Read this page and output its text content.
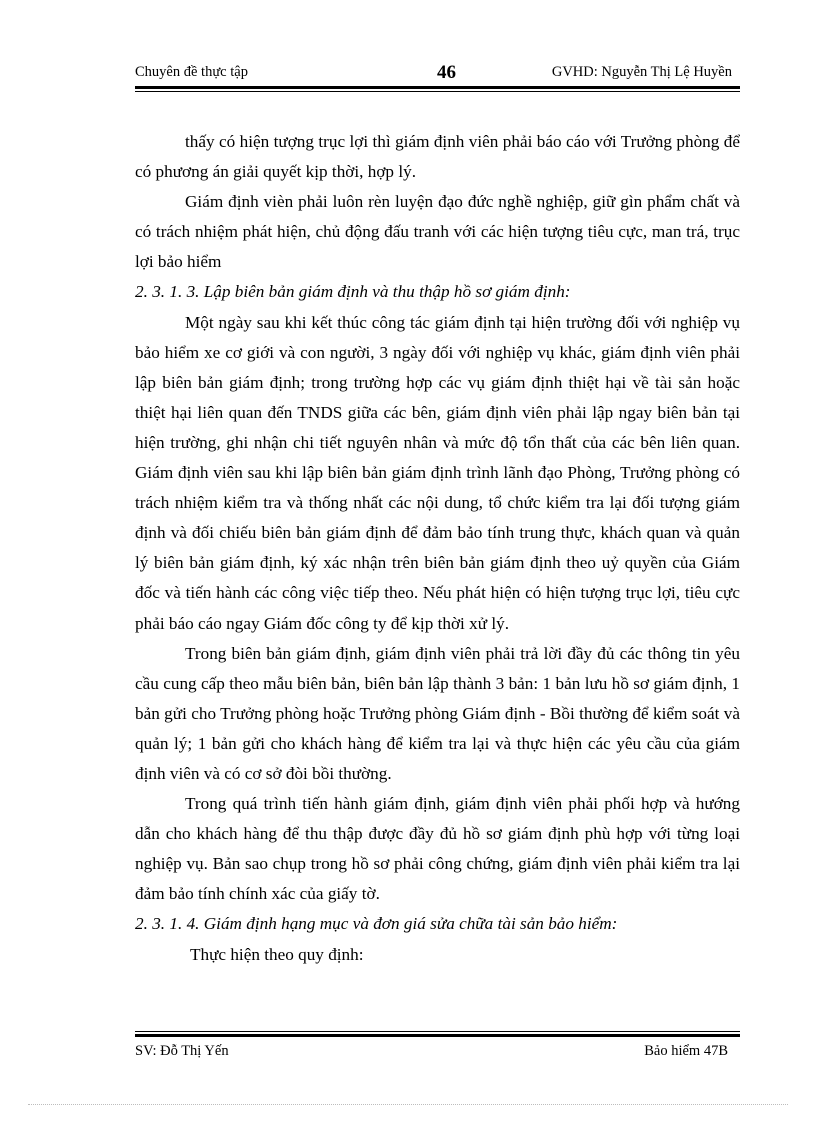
Chuyên đề thực tập	46	GVHD: Nguyễn Thị Lệ Huyền

thấy có hiện tượng trục lợi thì giám định viên phải báo cáo với Trưởng phòng để có phương án giải quyết kịp thời, hợp lý.

Giám định vièn phải luôn rèn luyện đạo đức nghề nghiệp, giữ gìn phẩm chất và có trách nhiệm phát hiện, chủ động đấu tranh với các hiện tượng tiêu cực, man trá, trục lợi bảo hiểm

2. 3. 1. 3. Lập biên bản giám định và thu thập hồ sơ giám định:

Một ngày sau khi kết thúc công tác giám định tại hiện trường đối với nghiệp vụ bảo hiểm xe cơ giới và con người, 3 ngày đối với nghiệp vụ khác, giám định viên phải lập biên bản giám định; trong trường hợp các vụ giám định thiệt hại về tài sản hoặc thiệt hại liên quan đến TNDS giữa các bên, giám định viên phải lập ngay biên bản tại hiện trường, ghi nhận chi tiết nguyên nhân và mức độ tổn thất của các bên liên quan. Giám định viên sau khi lập biên bản giám định trình lãnh đạo Phòng, Trưởng phòng có trách nhiệm kiểm tra và thống nhất các nội dung, tổ chức kiểm tra lại đối tượng giám định và đối chiếu biên bản giám định để đảm bảo tính trung thực, khách quan và quản lý biên bản giám định, ký xác nhận trên biên bản giám định theo uỷ quyền của Giám đốc và tiến hành các công việc tiếp theo. Nếu phát hiện có hiện tượng trục lợi, tiêu cực phải báo cáo ngay Giám đốc công ty để kịp thời xử lý.

Trong biên bản giám định, giám định viên phải trả lời đầy đủ các thông tin yêu cầu cung cấp theo mẫu biên bản, biên bản lập thành 3 bản: 1 bản lưu hồ sơ giám định, 1 bản gửi cho Trưởng phòng hoặc Trưởng phòng Giám định - Bồi thường để kiểm soát và quản lý; 1 bản gửi cho khách hàng để kiểm tra lại và thực hiện các yêu cầu của giám định viên và có cơ sở đòi bồi thường.

Trong quá trình tiến hành giám định, giám định viên phải phối hợp và hướng dẫn cho khách hàng để thu thập được đầy đủ hồ sơ giám định phù hợp với từng loại nghiệp vụ. Bản sao chụp trong hồ sơ phải công chứng, giám định viên phải kiểm tra lại đảm bảo tính chính xác của giấy tờ.

2. 3. 1. 4. Giám định hạng mục và đơn giá sửa chữa tài sản bảo hiểm:

Thực hiện theo quy định:

SV: Đỗ Thị Yến	Bảo hiểm 47B
